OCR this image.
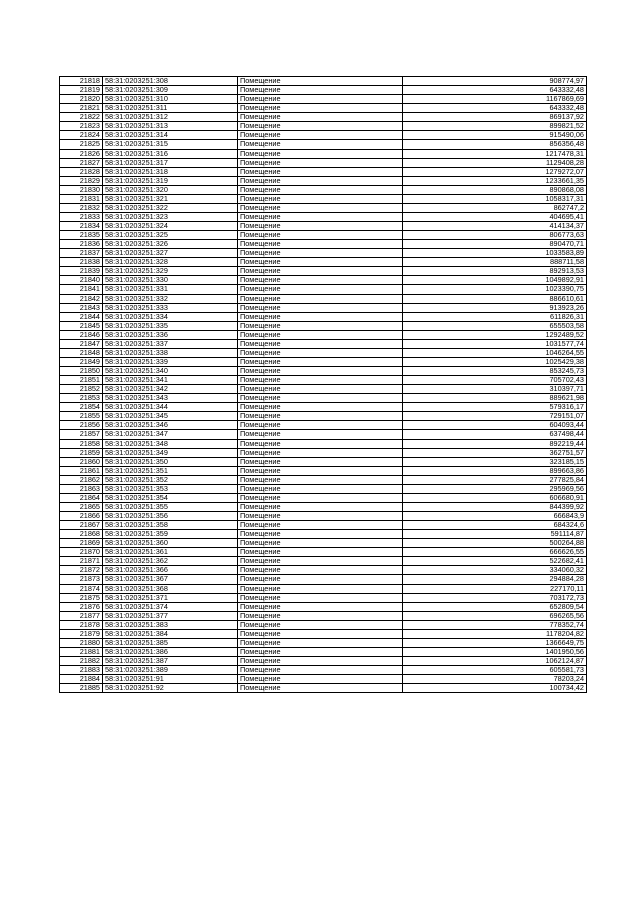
21818	58:31:0203251:308	Помещение	908774,97
21819	58:31:0203251:309	Помещение	643332,48
21820	58:31:0203251:310	Помещение	1167869,69
21821	58:31:0203251:311	Помещение	643332,48
21822	58:31:0203251:312	Помещение	869137,92
21823	58:31:0203251:313	Помещение	899821,52
21824	58:31:0203251:314	Помещение	915490,06
21825	58:31:0203251:315	Помещение	856356,48
21826	58:31:0203251:316	Помещение	1217478,31
21827	58:31:0203251:317	Помещение	1129408,28
21828	58:31:0203251:318	Помещение	1279272,07
21829	58:31:0203251:319	Помещение	1233661,35
21830	58:31:0203251:320	Помещение	890868,08
21831	58:31:0203251:321	Помещение	1058317,31
21832	58:31:0203251:322	Помещение	862747,2
21833	58:31:0203251:323	Помещение	404695,41
21834	58:31:0203251:324	Помещение	414134,37
21835	58:31:0203251:325	Помещение	806773,63
21836	58:31:0203251:326	Помещение	890470,71
21837	58:31:0203251:327	Помещение	1033583,89
21838	58:31:0203251:328	Помещение	888711,58
21839	58:31:0203251:329	Помещение	892913,53
21840	58:31:0203251:330	Помещение	1049892,91
21841	58:31:0203251:331	Помещение	1023390,75
21842	58:31:0203251:332	Помещение	886610,61
21843	58:31:0203251:333	Помещение	913923,26
21844	58:31:0203251:334	Помещение	611826,31
21845	58:31:0203251:335	Помещение	655503,58
21846	58:31:0203251:336	Помещение	1292489,52
21847	58:31:0203251:337	Помещение	1031577,74
21848	58:31:0203251:338	Помещение	1046264,55
21849	58:31:0203251:339	Помещение	1025429,38
21850	58:31:0203251:340	Помещение	853245,73
21851	58:31:0203251:341	Помещение	705702,43
21852	58:31:0203251:342	Помещение	310397,71
21853	58:31:0203251:343	Помещение	889621,98
21854	58:31:0203251:344	Помещение	579316,17
21855	58:31:0203251:345	Помещение	729151,07
21856	58:31:0203251:346	Помещение	604093,44
21857	58:31:0203251:347	Помещение	637498,44
21858	58:31:0203251:348	Помещение	892219,44
21859	58:31:0203251:349	Помещение	362751,57
21860	58:31:0203251:350	Помещение	323185,15
21861	58:31:0203251:351	Помещение	899663,86
21862	58:31:0203251:352	Помещение	277825,84
21863	58:31:0203251:353	Помещение	295969,56
21864	58:31:0203251:354	Помещение	606680,91
21865	58:31:0203251:355	Помещение	844399,92
21866	58:31:0203251:356	Помещение	666843,9
21867	58:31:0203251:358	Помещение	684324,6
21868	58:31:0203251:359	Помещение	591114,87
21869	58:31:0203251:360	Помещение	500264,88
21870	58:31:0203251:361	Помещение	666626,55
21871	58:31:0203251:362	Помещение	522682,41
21872	58:31:0203251:366	Помещение	334060,32
21873	58:31:0203251:367	Помещение	294884,28
21874	58:31:0203251:368	Помещение	227170,11
21875	58:31:0203251:371	Помещение	703172,73
21876	58:31:0203251:374	Помещение	652809,54
21877	58:31:0203251:377	Помещение	696265,56
21878	58:31:0203251:383	Помещение	778352,74
21879	58:31:0203251:384	Помещение	1178204,82
21880	58:31:0203251:385	Помещение	1366649,75
21881	58:31:0203251:386	Помещение	1401950,56
21882	58:31:0203251:387	Помещение	1062124,87
21883	58:31:0203251:389	Помещение	605581,73
21884	58:31:0203251:91	Помещение	78203,24
21885	58:31:0203251:92	Помещение	100734,42
